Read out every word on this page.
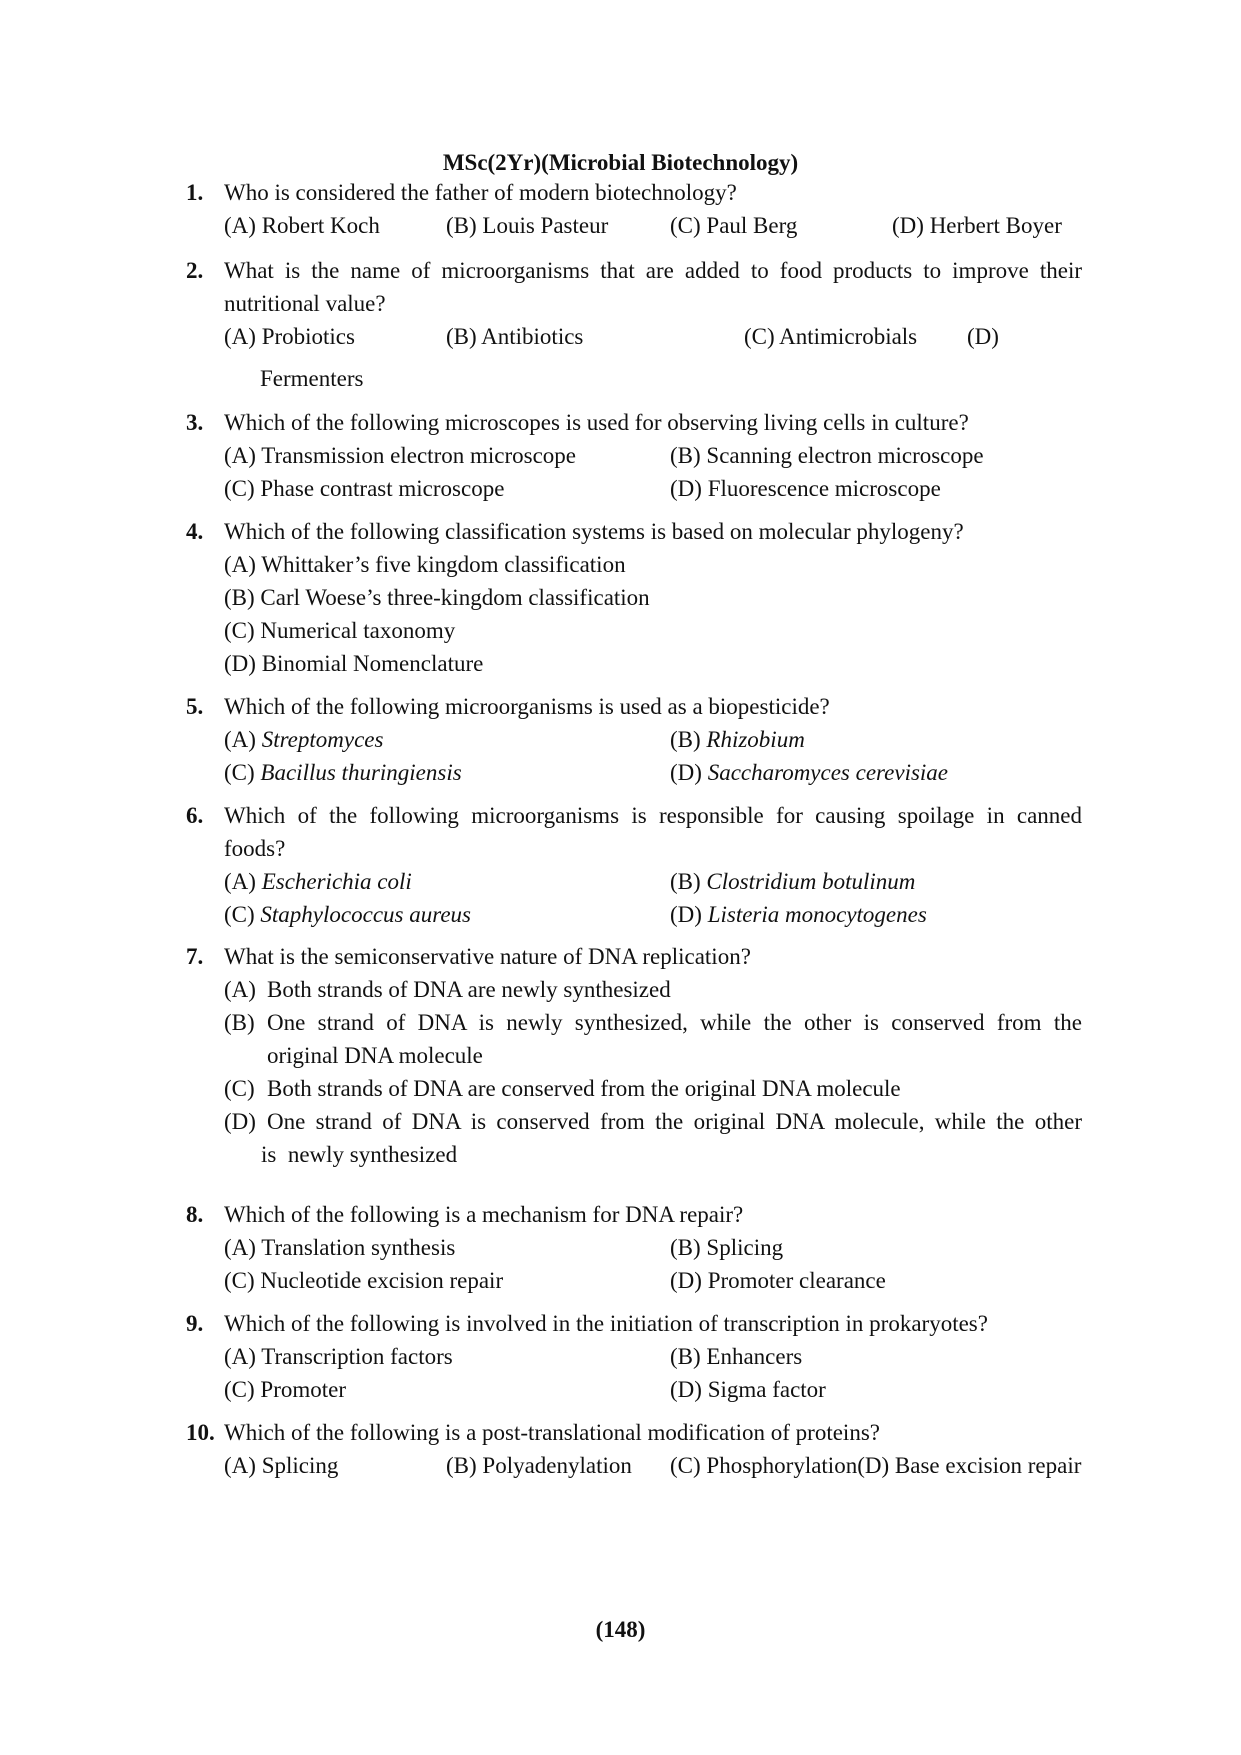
MSc(2Yr)(Microbial Biotechnology)
1. Who is considered the father of modern biotechnology?
(A) Robert Koch	(B) Louis Pasteur	(C) Paul Berg	(D) Herbert Boyer
2. What is the name of microorganisms that are added to food products to improve their
nutritional value?
(A) Probiotics	(B) Antibiotics	(C) Antimicrobials (D)
Fermenters
3. Which of the following microscopes is used for observing living cells in culture?
(A) Transmission electron microscope	(B) Scanning electron microscope
(C) Phase contrast microscope	(D) Fluorescence microscope
4. Which of the following classification systems is based on molecular phylogeny?
(A) Whittaker’s five kingdom classification
(B) Carl Woese’s three-kingdom classification
(C) Numerical taxonomy
(D) Binomial Nomenclature
5. Which of the following microorganisms is used as a biopesticide?
(A) Streptomyces	(B) Rhizobium
(C) Bacillus thuringiensis	(D) Saccharomyces cerevisiae
6. Which of the following microorganisms is responsible for causing spoilage in canned
foods?
(A) Escherichia coli	(B) Clostridium botulinum
(C) Staphylococcus aureus	(D) Listeria monocytogenes
7. What is the semiconservative nature of DNA replication?
(A) Both strands of DNA are newly synthesized
(B) One strand of DNA is newly synthesized, while the other is conserved from the
original DNA molecule
(C) Both strands of DNA are conserved from the original DNA molecule
(D) One strand of DNA is conserved from the original DNA molecule, while the other
is  newly synthesized
8. Which of the following is a mechanism for DNA repair?
(A) Translation synthesis	(B) Splicing
(C) Nucleotide excision repair	(D) Promoter clearance
9. Which of the following is involved in the initiation of transcription in prokaryotes?
(A) Transcription factors	(B) Enhancers
(C) Promoter	(D) Sigma factor
10. Which of the following is a post-translational modification of proteins?
(A) Splicing	(B) Polyadenylation (C) Phosphorylation(D) Base excision repair
(148)
